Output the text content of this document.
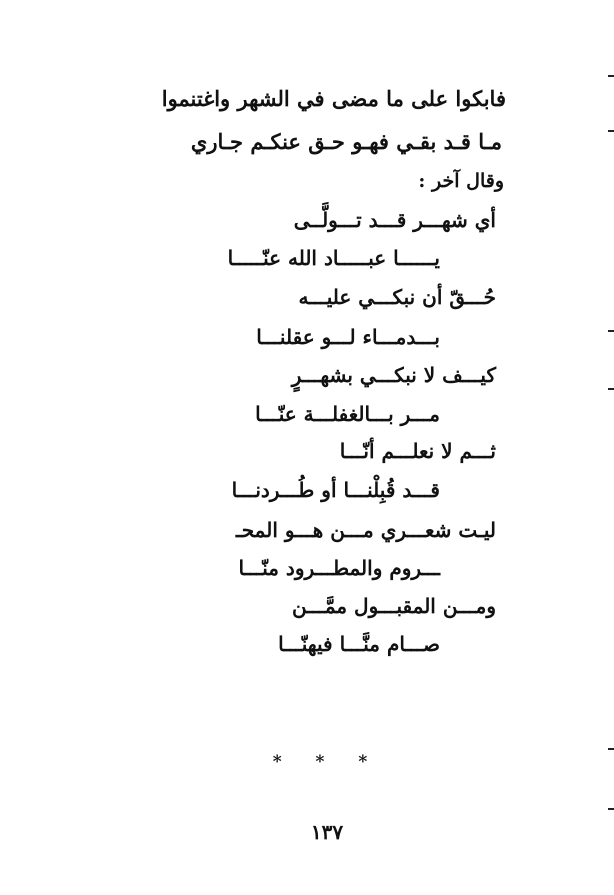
فابكوا على ما مضى في الشهر واغتنموا
مـا قـد بقـي فهـو حـق عنكـم جـاري
وقال آخر :
أي شهـــر قـــد تـــولَّــى
يــــــا عبـــــاد الله عنّـــــا
حُـــقّ أن نبكـــي عليـــه
بـــدمـــاء لـــو عقلنـــا
كيـــف لا نبكـــي بشهـــرٍ
مـــر بـــالغفلـــة عنّـــا
ثـــم لا نعلـــم أنّـــا
قـــد قُبِلْنـــا أو طُـــردنـــا
ليـت شعـــري مـــن هـــو المحـ
ـــروم والمطـــرود منّـــا
ومـــن المقبـــول ممَّـــن
صـــام منَّـــا فيهنّـــا
* * *
١٣٧
